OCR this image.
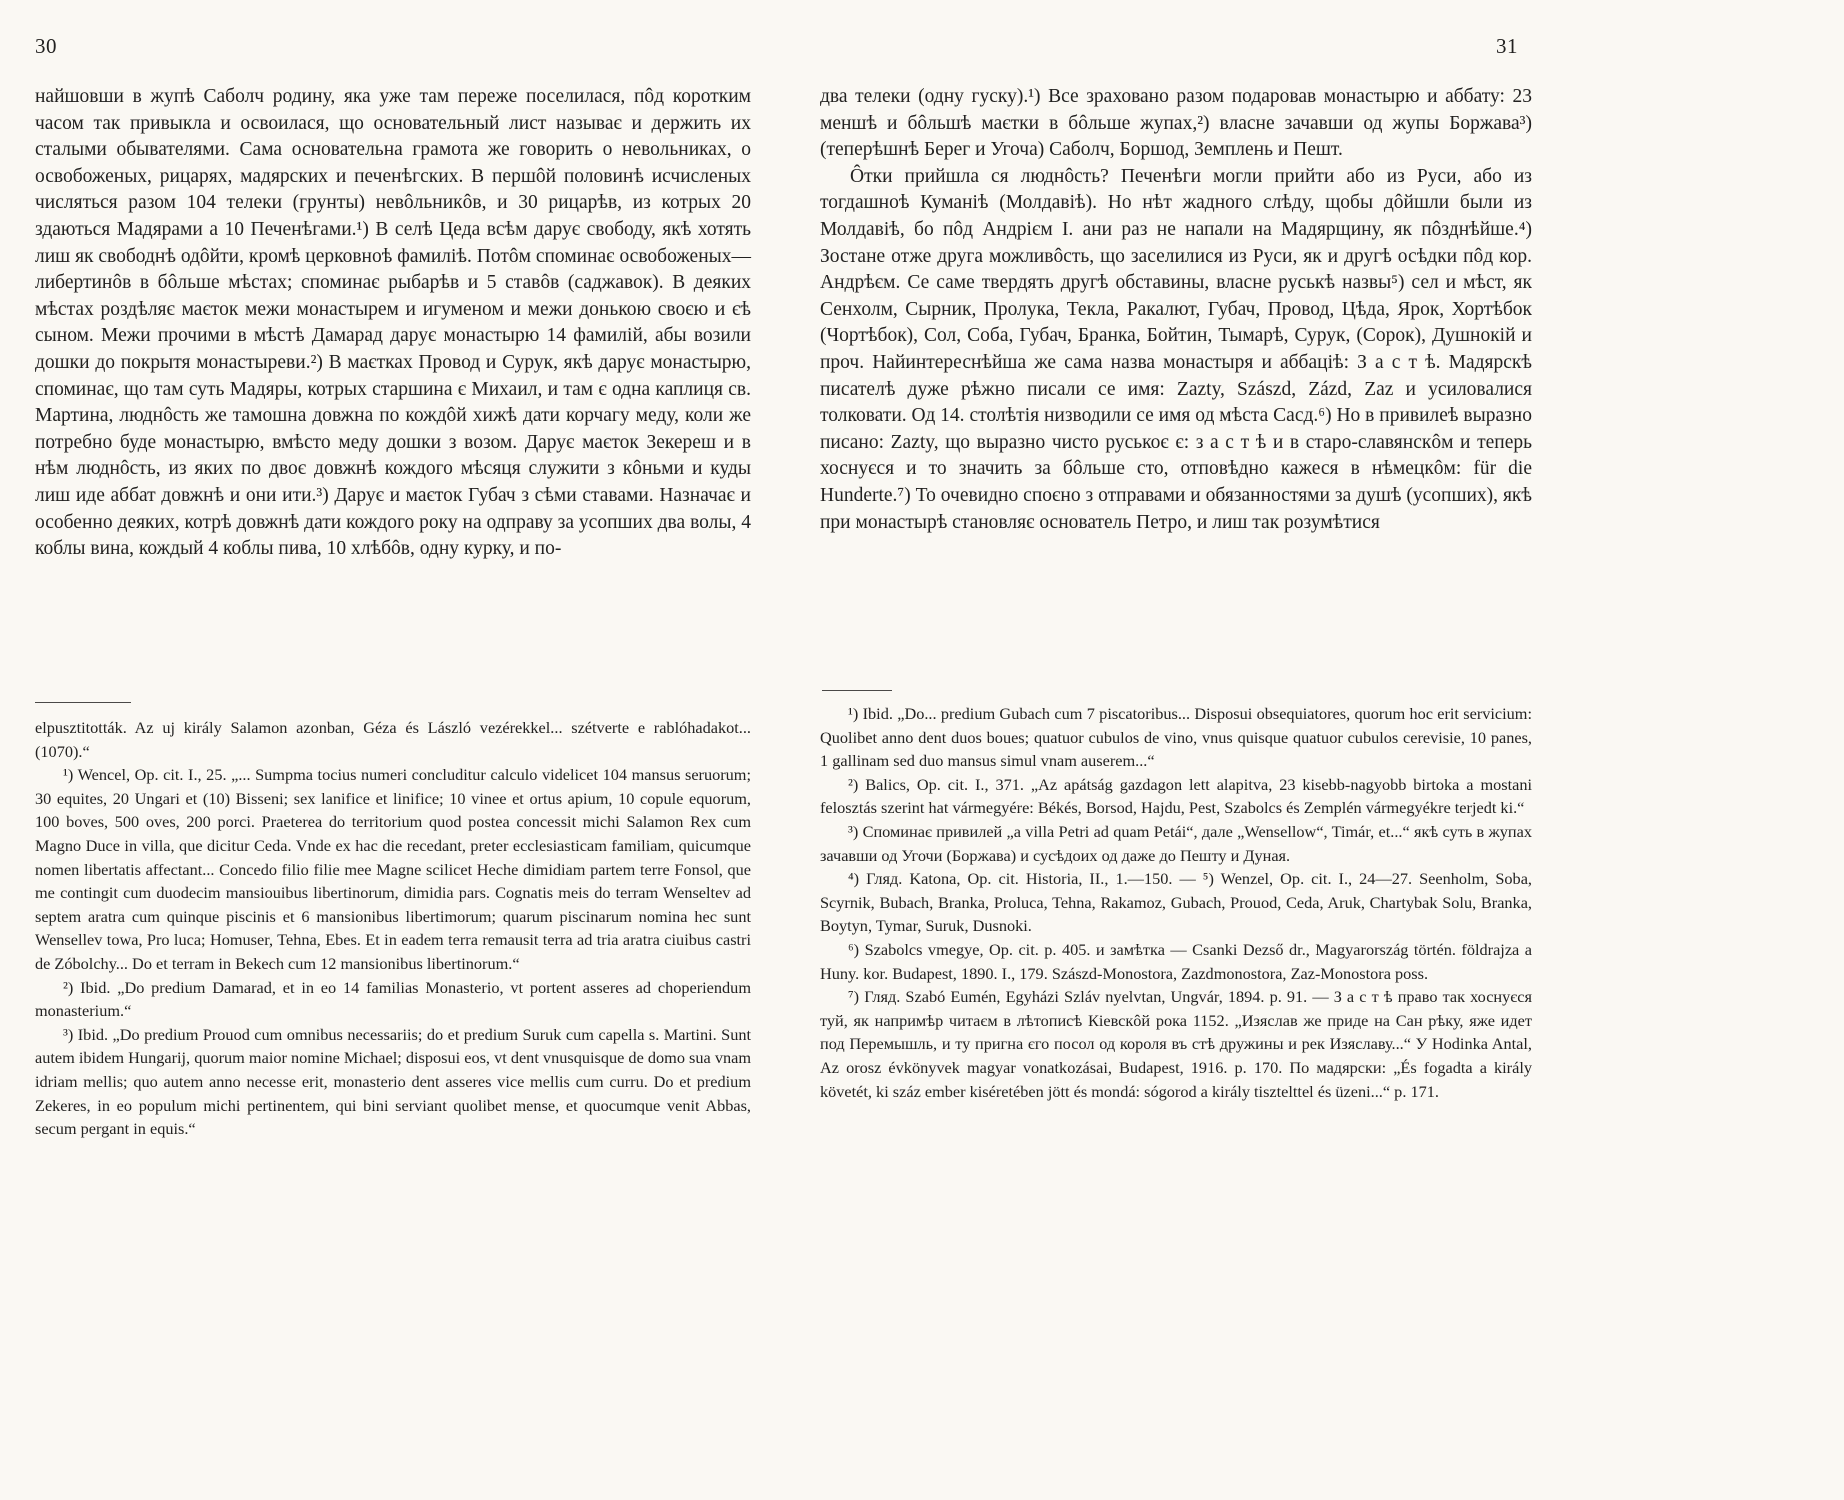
30

найшовши в жупѣ Саболч родину, яка уже там переже поселилася, пôд коротким часом так привыкла и освоилася, що основательный лист называє и держить их сталыми обывателями. Сама основательна грамота же говорить о невольниках, о освобоженых, рицарях, мадярских и печенѣгских. В першôй половинѣ исчисленых числяться разом 104 телеки (грунты) невôльникôв, и 30 рицарѣв, из котрых 20 здаються Мадярами а 10 Печенѣгами.¹) В селѣ Цеда всѣм дарує свободу, якѣ хотять лиш як свободнѣ одôйти, кромѣ церковноѣ фамиліѣ. Потôм споминає освобоженых—либертинôв в бôльше мѣстах; споминає рыбарѣв и 5 ставôв (саджавок). В деяких мѣстах роздѣляє маєток межи монастырем и игуменом и межи донькою своєю и єѣ сыном. Межи прочими в мѣстѣ Дамарад дарує монастырю 14 фамилій, абы возили дошки до покрытя монастыреви.²) В маєтках Провод и Сурук, якѣ дарує монастырю, споминає, що там суть Мадяры, котрых старшина є Михаил, и там є одна каплиця св. Мартина, люднôсть же тамошна довжна по кождôй хижѣ дати корчагу меду, коли же потребно буде монастырю, вмѣсто меду дошки з возом. Дарує маєток Зекереш и в нѣм люднôсть, из яких по двоє довжнѣ кождого мѣсяця служити з кôньми и куды лиш иде аббат довжнѣ и они ити.³) Дарує и маєток Губач з сѣми ставами. Назначає и особенно деяких, котрѣ довжнѣ дати кождого року на одправу за усопших два волы, 4 коблы вина, кождый 4 коблы пива, 10 хлѣбôв, одну курку, и по-

elpusztitották. Az uj király Salamon azonban, Géza és László vezérekkel... szétverte e rablóhadakot... (1070).“

¹) Wencel, Op. cit. I., 25. „... Sumpma tocius numeri concluditur calculo videlicet 104 mansus seruorum; 30 equites, 20 Ungari et (10) Bisseni; sex lanifice et linifice; 10 vinee et ortus apium, 10 copule equorum, 100 boves, 500 oves, 200 porci. Praeterea do territorium quod postea concessit michi Salamon Rex cum Magno Duce in villa, que dicitur Ceda. Vnde ex hac die recedant, preter ecclesiasticam familiam, quicumque nomen libertatis affectant... Concedo filio filie mee Magne scilicet Heche dimidiam partem terre Fonsol, que me contingit cum duodecim mansiouibus libertinorum, dimidia pars. Cognatis meis do terram Wenseltev ad septem aratra cum quinque piscinis et 6 mansionibus libertimorum; quarum piscinarum nomina hec sunt Wensellev towa, Pro luca; Homuser, Tehna, Ebes. Et in eadem terra remausit terra ad tria aratra ciuibus castri de Zóbolchy... Do et terram in Bekech cum 12 mansionibus libertinorum.“

²) Ibid. „Do predium Damarad, et in eo 14 familias Monasterio, vt portent asseres ad choperiendum monasterium.“

³) Ibid. „Do predium Prouod cum omnibus necessariis; do et predium Suruk cum capella s. Martini. Sunt autem ibidem Hungarij, quorum maior nomine Michael; disposui eos, vt dent vnusquisque de domo sua vnam idriam mellis; quo autem anno necesse erit, monasterio dent asseres vice mellis cum curru. Do et predium Zekeres, in eo populum michi pertinentem, qui bini serviant quolibet mense, et quocumque venit Abbas, secum pergant in equis.“

31

два телеки (одну гуску).¹) Все зраховано разом подаровав монастырю и аббату: 23 меншѣ и бôльшѣ маєтки в бôльше жупах,²) власне зачавши од жупы Боржава³) (теперѣшнѣ Берег и Угоча) Саболч, Боршод, Земплень и Пешт.

Ôтки прийшла ся люднôсть? Печенѣги могли прийти або из Руси, або из тогдашноѣ Куманіѣ (Молдавіѣ). Но нѣт жадного слѣду, щобы дôйшли были из Молдавіѣ, бо пôд Андрієм I. ани раз не напали на Мадярщину, як пôзднѣйше.⁴) Зостане отже друга можливôсть, що заселилися из Руси, як и другѣ осѣдки пôд кор. Андрѣєм. Се саме твердять другѣ обставины, власне руськѣ назвы⁵) сел и мѣст, як Сенхолм, Сырник, Пролука, Текла, Ракалют, Губач, Провод, Цѣда, Ярок, Хортѣбок (Чортѣбок), Сол, Соба, Губач, Бранка, Бойтин, Тымарѣ, Сурук, (Сорок), Душнокій и проч. Найинтереснѣйша же сама назва монастыря и аббаціѣ: З а с т ѣ. Мадярскѣ писателѣ дуже рѣжно писали се имя: Zazty, Szászd, Zázd, Zaz и усиловалися толковати. Од 14. столѣтія низводили се имя од мѣста Сасд.⁶) Но в привилеѣ выразно писано: Zazty, що выразно чисто руськоє є: з а с т ѣ и в старо-славянскôм и теперь хоснуєся и то значить за бôльше сто, отповѣдно кажеся в нѣмецкôм: für die Hunderte.⁷) То очевидно споєно з отправами и обязанностями за душѣ (усопших), якѣ при монастырѣ становляє основатель Петро, и лиш так розумѣтися

¹) Ibid. „Do... predium Gubach cum 7 piscatoribus... Disposui obsequiatores, quorum hoc erit servicium: Quolibet anno dent duos boues; quatuor cubulos de vino, vnus quisque quatuor cubulos cerevisie, 10 panes, 1 gallinam sed duo mansus simul vnam auserem...“

²) Balics, Op. cit. I., 371. „Az apátság gazdagon lett alapitva, 23 kisebb-nagyobb birtoka a mostani felosztás szerint hat vármegyére: Békés, Borsod, Hajdu, Pest, Szabolcs és Zemplén vármegyékre terjedt ki.“

³) Споминає привилей „a villa Petri ad quam Petái“, дале „Wensellow“, Timár, et...“ якѣ суть в жупах зачавши од Угочи (Боржава) и сусѣдоих од даже до Пешту и Дуная.

⁴) Гляд. Katona, Op. cit. Historia, II., 1.—150. — ⁵) Wenzel, Op. cit. I., 24—27. Seenholm, Soba, Scyrnik, Bubach, Branka, Proluca, Tehna, Rakamoz, Gubach, Prouod, Ceda, Aruk, Chartybak Solu, Branka, Boytyn, Tymar, Suruk, Dusnoki.

⁶) Szabolcs vmegye, Op. cit. p. 405. и замѣтка — Csanki Dezső dr., Magyarország történ. földrajza a Huny. kor. Budapest, 1890. I., 179. Szászd-Monostora, Zazdmonostora, Zaz-Monostora poss.

⁷) Гляд. Szabó Eumén, Egyházi Szláv nyelvtan, Ungvár, 1894. p. 91. — З а с т ѣ право так хоснуєся туй, як напримѣр читаєм в лѣтописѣ Кіевскôй рока 1152. „Изяслав же приде на Сан рѣку, яже идет под Перемышль, и ту пригна єго посол од короля въ стѣ дружины и рек Изяславу...“ У Hodinka Antal, Az orosz évkönyvek magyar vonatkozásai, Budapest, 1916. p. 170. По мадярски: „És fogadta a király követét, ki száz ember kiséretében jött és mondá: sógorod a király tisztelttel és üzeni...“ p. 171.
